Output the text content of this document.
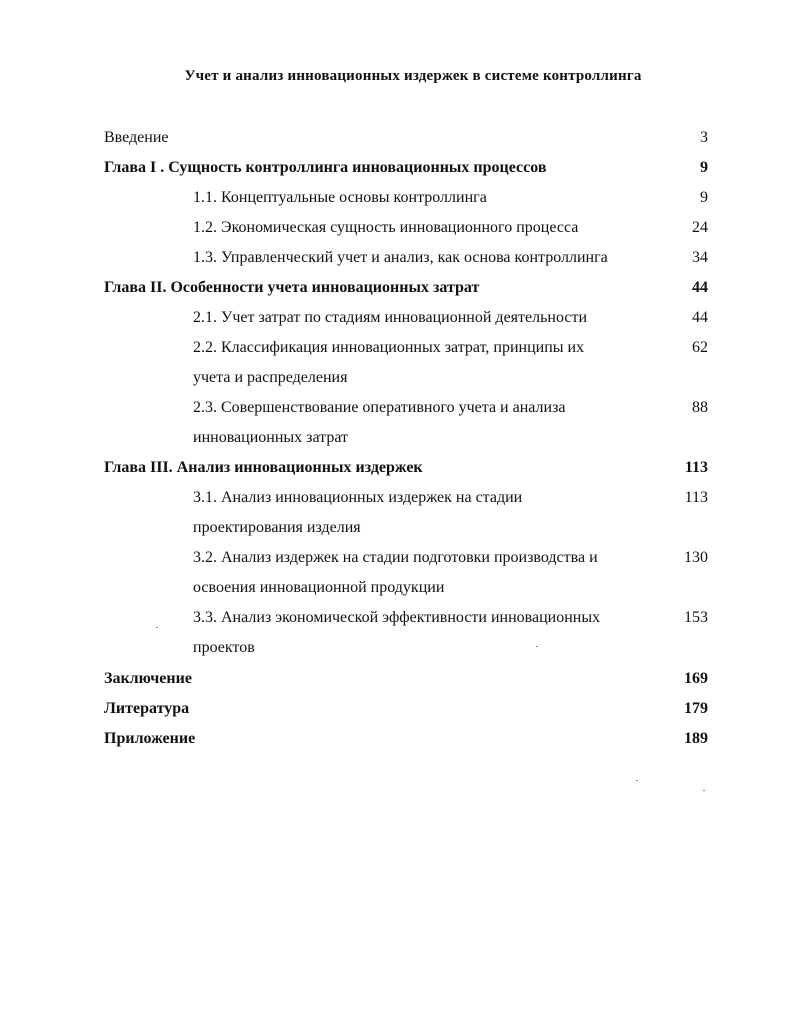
Учет и анализ инновационных издержек в системе контроллинга
Введение	3
Глава I . Сущность контроллинга инновационных процессов	9
1.1. Концептуальные основы контроллинга	9
1.2. Экономическая сущность инновационного процесса	24
1.3. Управленческий учет и анализ, как основа контроллинга	34
Глава II. Особенности учета инновационных затрат	44
2.1. Учет затрат по стадиям инновационной деятельности	44
2.2. Классификация инновационных затрат, принципы их	62
учета и распределения
2.3. Совершенствование оперативного учета и анализа	88
инновационных затрат
Глава III. Анализ инновационных издержек	113
3.1. Анализ инновационных издержек на стадии	113
проектирования изделия
3.2. Анализ издержек на стадии подготовки производства и	130
освоения инновационной продукции
3.3. Анализ экономической эффективности инновационных	153
проектов
Заключение	169
Литература	179
Приложение	189
